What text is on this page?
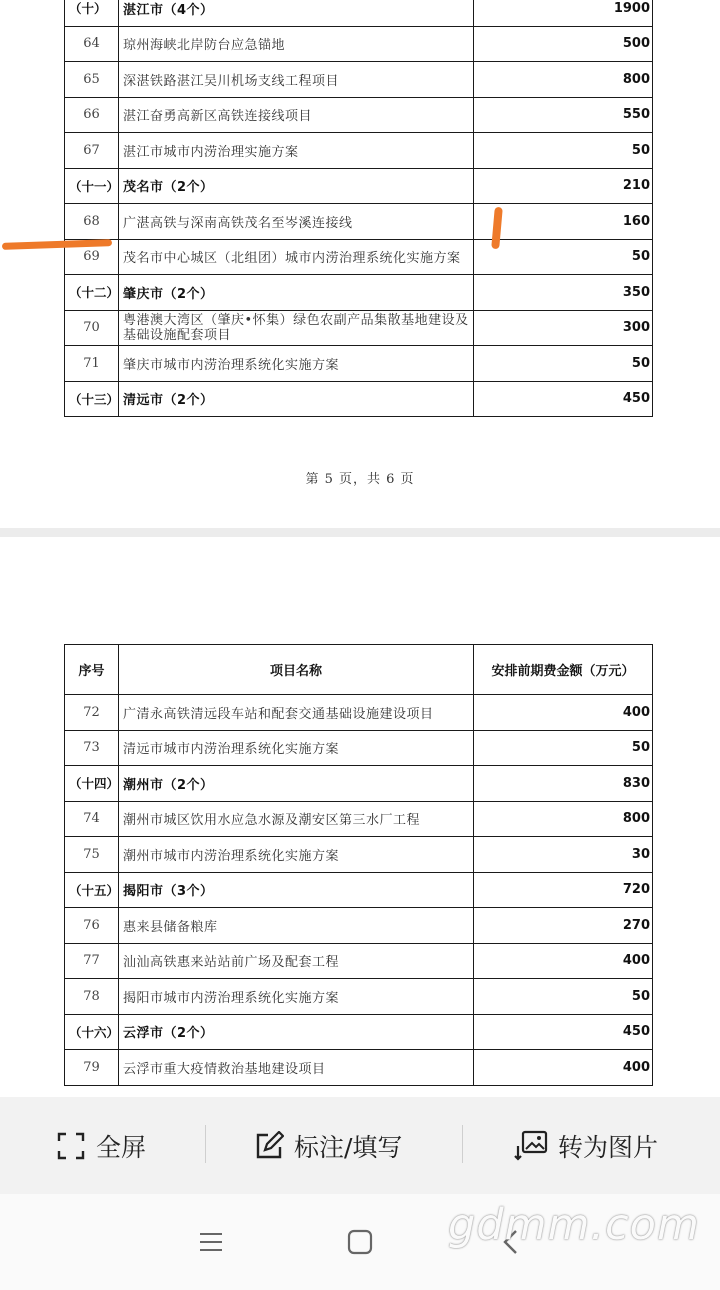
（十）	湛江市（4个）	1900
64	琼州海峡北岸防台应急锚地	500
65	深湛铁路湛江吴川机场支线工程项目	800
66	湛江奋勇高新区高铁连接线项目	550
67	湛江市城市内涝治理实施方案	50
（十一）	茂名市（2个）	210
68	广湛高铁与深南高铁茂名至岑溪连接线	160
69	茂名市中心城区（北组团）城市内涝治理系统化实施方案	50
（十二）	肇庆市（2个）	350
70	粤港澳大湾区（肇庆•怀集）绿色农副产品集散基地建设及基础设施配套项目	300
71	肇庆市城市内涝治理系统化实施方案	50
（十三）	清远市（2个）	450
第 5 页，共 6 页
序号	项目名称	安排前期费金额（万元）
72	广清永高铁清远段车站和配套交通基础设施建设项目	400
73	清远市城市内涝治理系统化实施方案	50
（十四）	潮州市（2个）	830
74	潮州市城区饮用水应急水源及潮安区第三水厂工程	800
75	潮州市城市内涝治理系统化实施方案	30
（十五）	揭阳市（3个）	720
76	惠来县储备粮库	270
77	汕汕高铁惠来站站前广场及配套工程	400
78	揭阳市城市内涝治理系统化实施方案	50
（十六）	云浮市（2个）	450
79	云浮市重大疫情救治基地建设项目	400
全屏	标注/填写	转为图片
gdmm.com
